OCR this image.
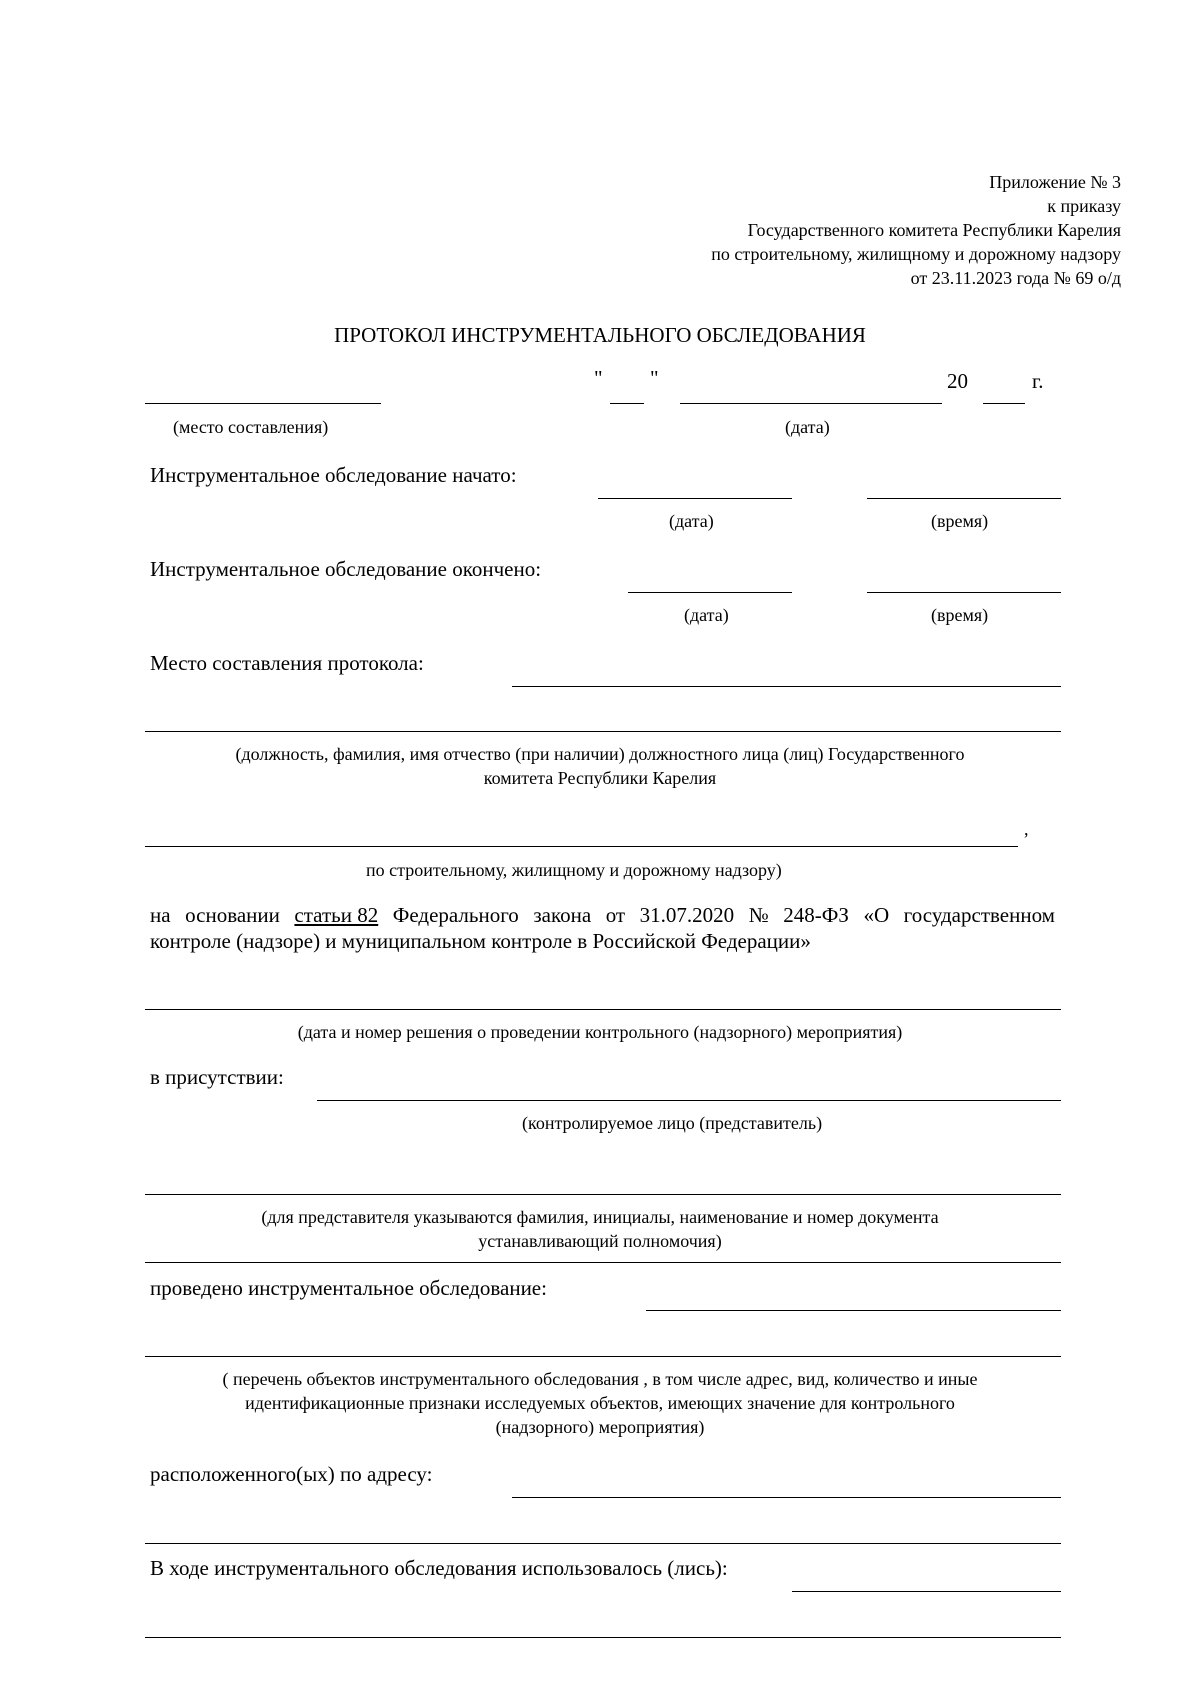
Приложение № 3
к приказу
Государственного комитета Республики Карелия
по строительному, жилищному и дорожному надзору
от 23.11.2023 года № 69 о/д
ПРОТОКОЛ ИНСТРУМЕНТАЛЬНОГО ОБСЛЕДОВАНИЯ
" "	20	г.
(место составления)	(дата)
Инструментальное обследование начато:
(дата)	(время)
Инструментальное обследование окончено:
(дата)	(время)
Место составления протокола:
(должность, фамилия, имя отчество (при наличии) должностного лица (лиц) Государственного
комитета Республики Карелия
,
по строительному, жилищному и дорожному надзору)
на основании статьи 82 Федерального закона от 31.07.2020 № 248-ФЗ «О государственном
контроле (надзоре) и муниципальном контроле в Российской Федерации»
(дата и номер решения о проведении контрольного (надзорного) мероприятия)
в присутствии:
(контролируемое лицо (представитель)
(для представителя указываются фамилия, инициалы, наименование и номер документа
устанавливающий полномочия)
проведено инструментальное обследование:
( перечень объектов инструментального обследования , в том числе адрес, вид, количество и иные
идентификационные признаки исследуемых объектов, имеющих значение для контрольного
(надзорного) мероприятия)
расположенного(ых) по адресу:
В ходе инструментального обследования использовалось (лись):
